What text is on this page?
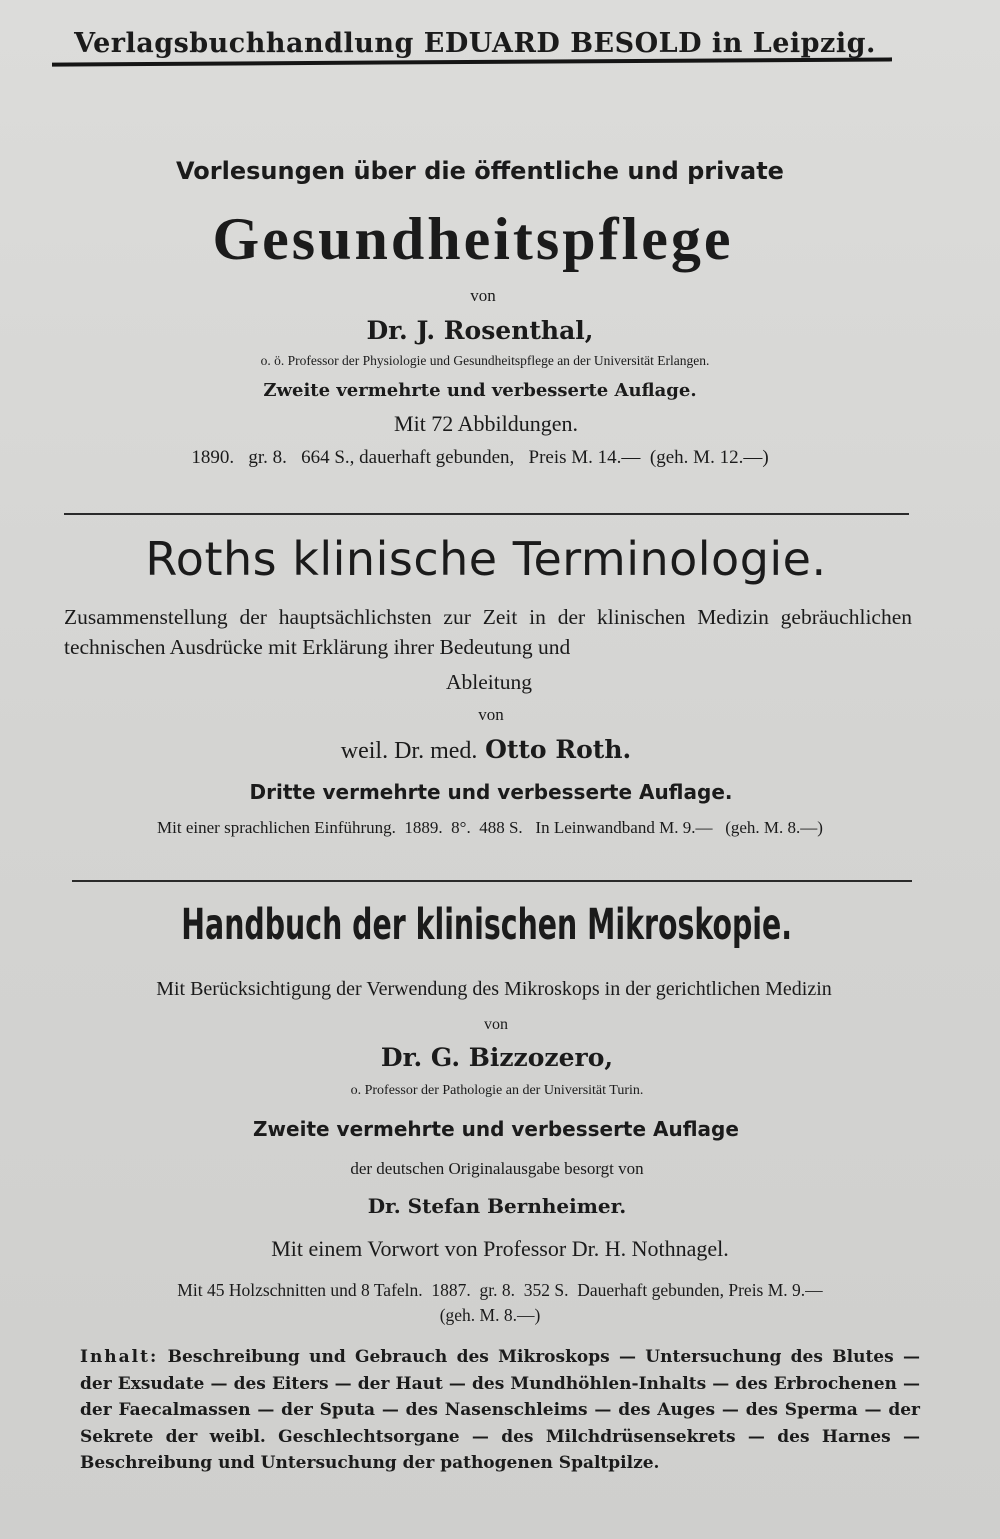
Verlagsbuchhandlung EDUARD BESOLD in Leipzig.
Vorlesungen über die öffentliche und private
Gesundheitspflege
von
Dr. J. Rosenthal,
o. ö. Professor der Physiologie und Gesundheitspflege an der Universität Erlangen.
Zweite vermehrte und verbesserte Auflage.
Mit 72 Abbildungen.
1890.   gr. 8.   664 S., dauerhaft gebunden,   Preis M. 14.—  (geh. M. 12.—)
Roths klinische Terminologie.
Zusammenstellung der hauptsächlichsten zur Zeit in der klinischen Medizin gebräuchlichen technischen Ausdrücke mit Erklärung ihrer Bedeutung und
Ableitung
von
weil. Dr. med. Otto Roth.
Dritte vermehrte und verbesserte Auflage.
Mit einer sprachlichen Einführung.  1889.  8°.  488 S.   In Leinwandband M. 9.—   (geh. M. 8.—)
Handbuch der klinischen Mikroskopie.
Mit Berücksichtigung der Verwendung des Mikroskops in der gerichtlichen Medizin
von
Dr. G. Bizzozero,
o. Professor der Pathologie an der Universität Turin.
Zweite vermehrte und verbesserte Auflage
der deutschen Originalausgabe besorgt von
Dr. Stefan Bernheimer.
Mit einem Vorwort von Professor Dr. H. Nothnagel.
Mit 45 Holzschnitten und 8 Tafeln.  1887.  gr. 8.  352 S.  Dauerhaft gebunden, Preis M. 9.—
(geh. M. 8.—)
Inhalt: Beschreibung und Gebrauch des Mikroskops — Untersuchung des Blutes — der Exsudate — des Eiters — der Haut — des Mundhöhlen-Inhalts — des Erbrochenen — der Faecalmassen — der Sputa — des Nasenschleims — des Auges — des Sperma — der Sekrete der weibl. Geschlechtsorgane — des Milchdrüsensekrets — des Harnes — Beschreibung und Untersuchung der pathogenen Spaltpilze.
